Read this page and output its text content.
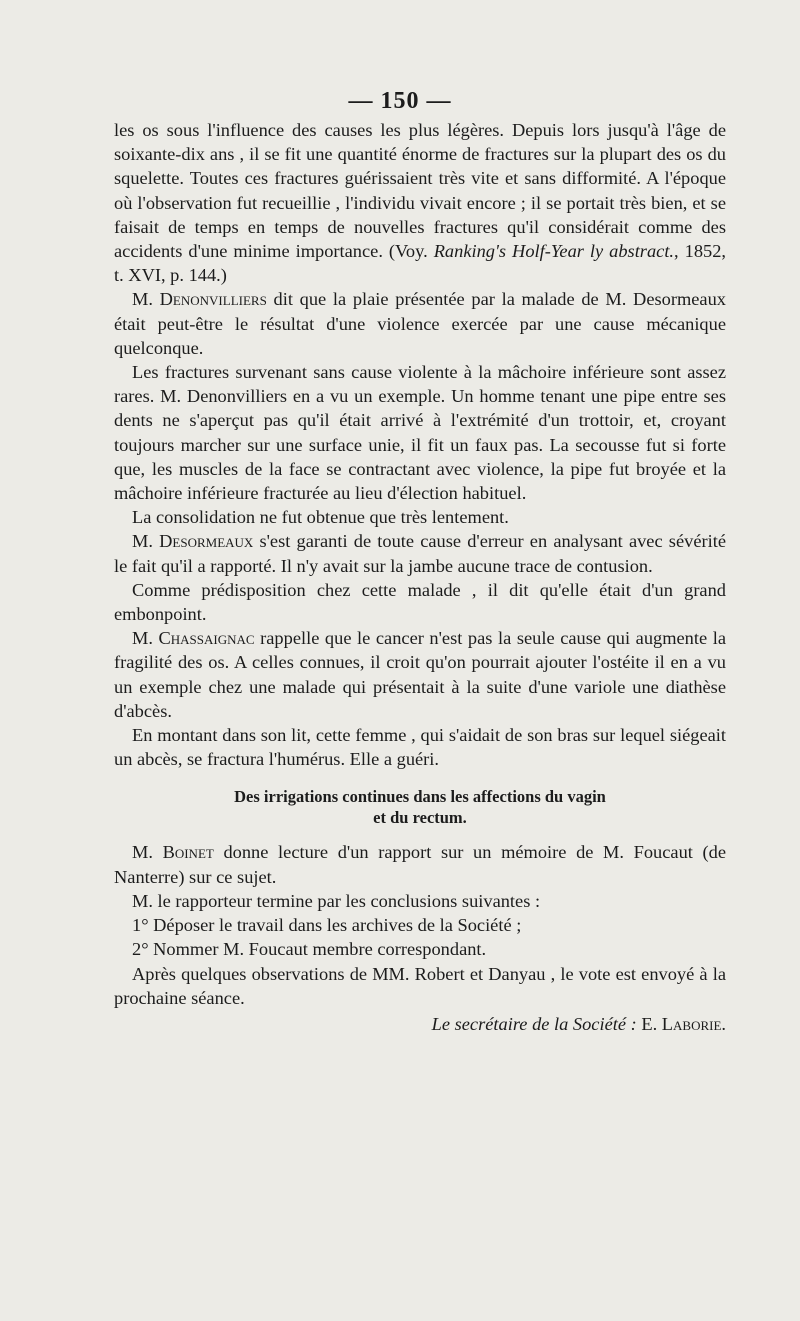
— 150 —

les os sous l'influence des causes les plus légères. Depuis lors jusqu'à l'âge de soixante-dix ans , il se fit une quantité énorme de fractures sur la plupart des os du squelette. Toutes ces fractures guérissaient très vite et sans difformité. A l'époque où l'observation fut recueillie , l'individu vivait encore ; il se portait très bien, et se faisait de temps en temps de nouvelles fractures qu'il considérait comme des accidents d'une minime importance. (Voy. Ranking's Holf-Year ly abstract., 1852, t. XVI, p. 144.)

M. Denonvilliers dit que la plaie présentée par la malade de M. Desormeaux était peut-être le résultat d'une violence exercée par une cause mécanique quelconque.

Les fractures survenant sans cause violente à la mâchoire inférieure sont assez rares. M. Denonvilliers en a vu un exemple. Un homme tenant une pipe entre ses dents ne s'aperçut pas qu'il était arrivé à l'extrémité d'un trottoir, et, croyant toujours marcher sur une surface unie, il fit un faux pas. La secousse fut si forte que, les muscles de la face se contractant avec violence, la pipe fut broyée et la mâchoire inférieure fracturée au lieu d'élection habituel.

La consolidation ne fut obtenue que très lentement.

M. Desormeaux s'est garanti de toute cause d'erreur en analysant avec sévérité le fait qu'il a rapporté. Il n'y avait sur la jambe aucune trace de contusion.

Comme prédisposition chez cette malade , il dit qu'elle était d'un grand embonpoint.

M. Chassaignac rappelle que le cancer n'est pas la seule cause qui augmente la fragilité des os. A celles connues, il croit qu'on pourrait ajouter l'ostéite il en a vu un exemple chez une malade qui présentait à la suite d'une variole une diathèse d'abcès.

En montant dans son lit, cette femme , qui s'aidait de son bras sur lequel siégeait un abcès, se fractura l'humérus. Elle a guéri.

Des irrigations continues dans les affections du vagin
et du rectum.

M. Boinet donne lecture d'un rapport sur un mémoire de M. Foucaut (de Nanterre) sur ce sujet.

M. le rapporteur termine par les conclusions suivantes :

1° Déposer le travail dans les archives de la Société ;

2° Nommer M. Foucaut membre correspondant.

Après quelques observations de MM. Robert et Danyau , le vote est envoyé à la prochaine séance.

Le secrétaire de la Société : E. Laborie.
